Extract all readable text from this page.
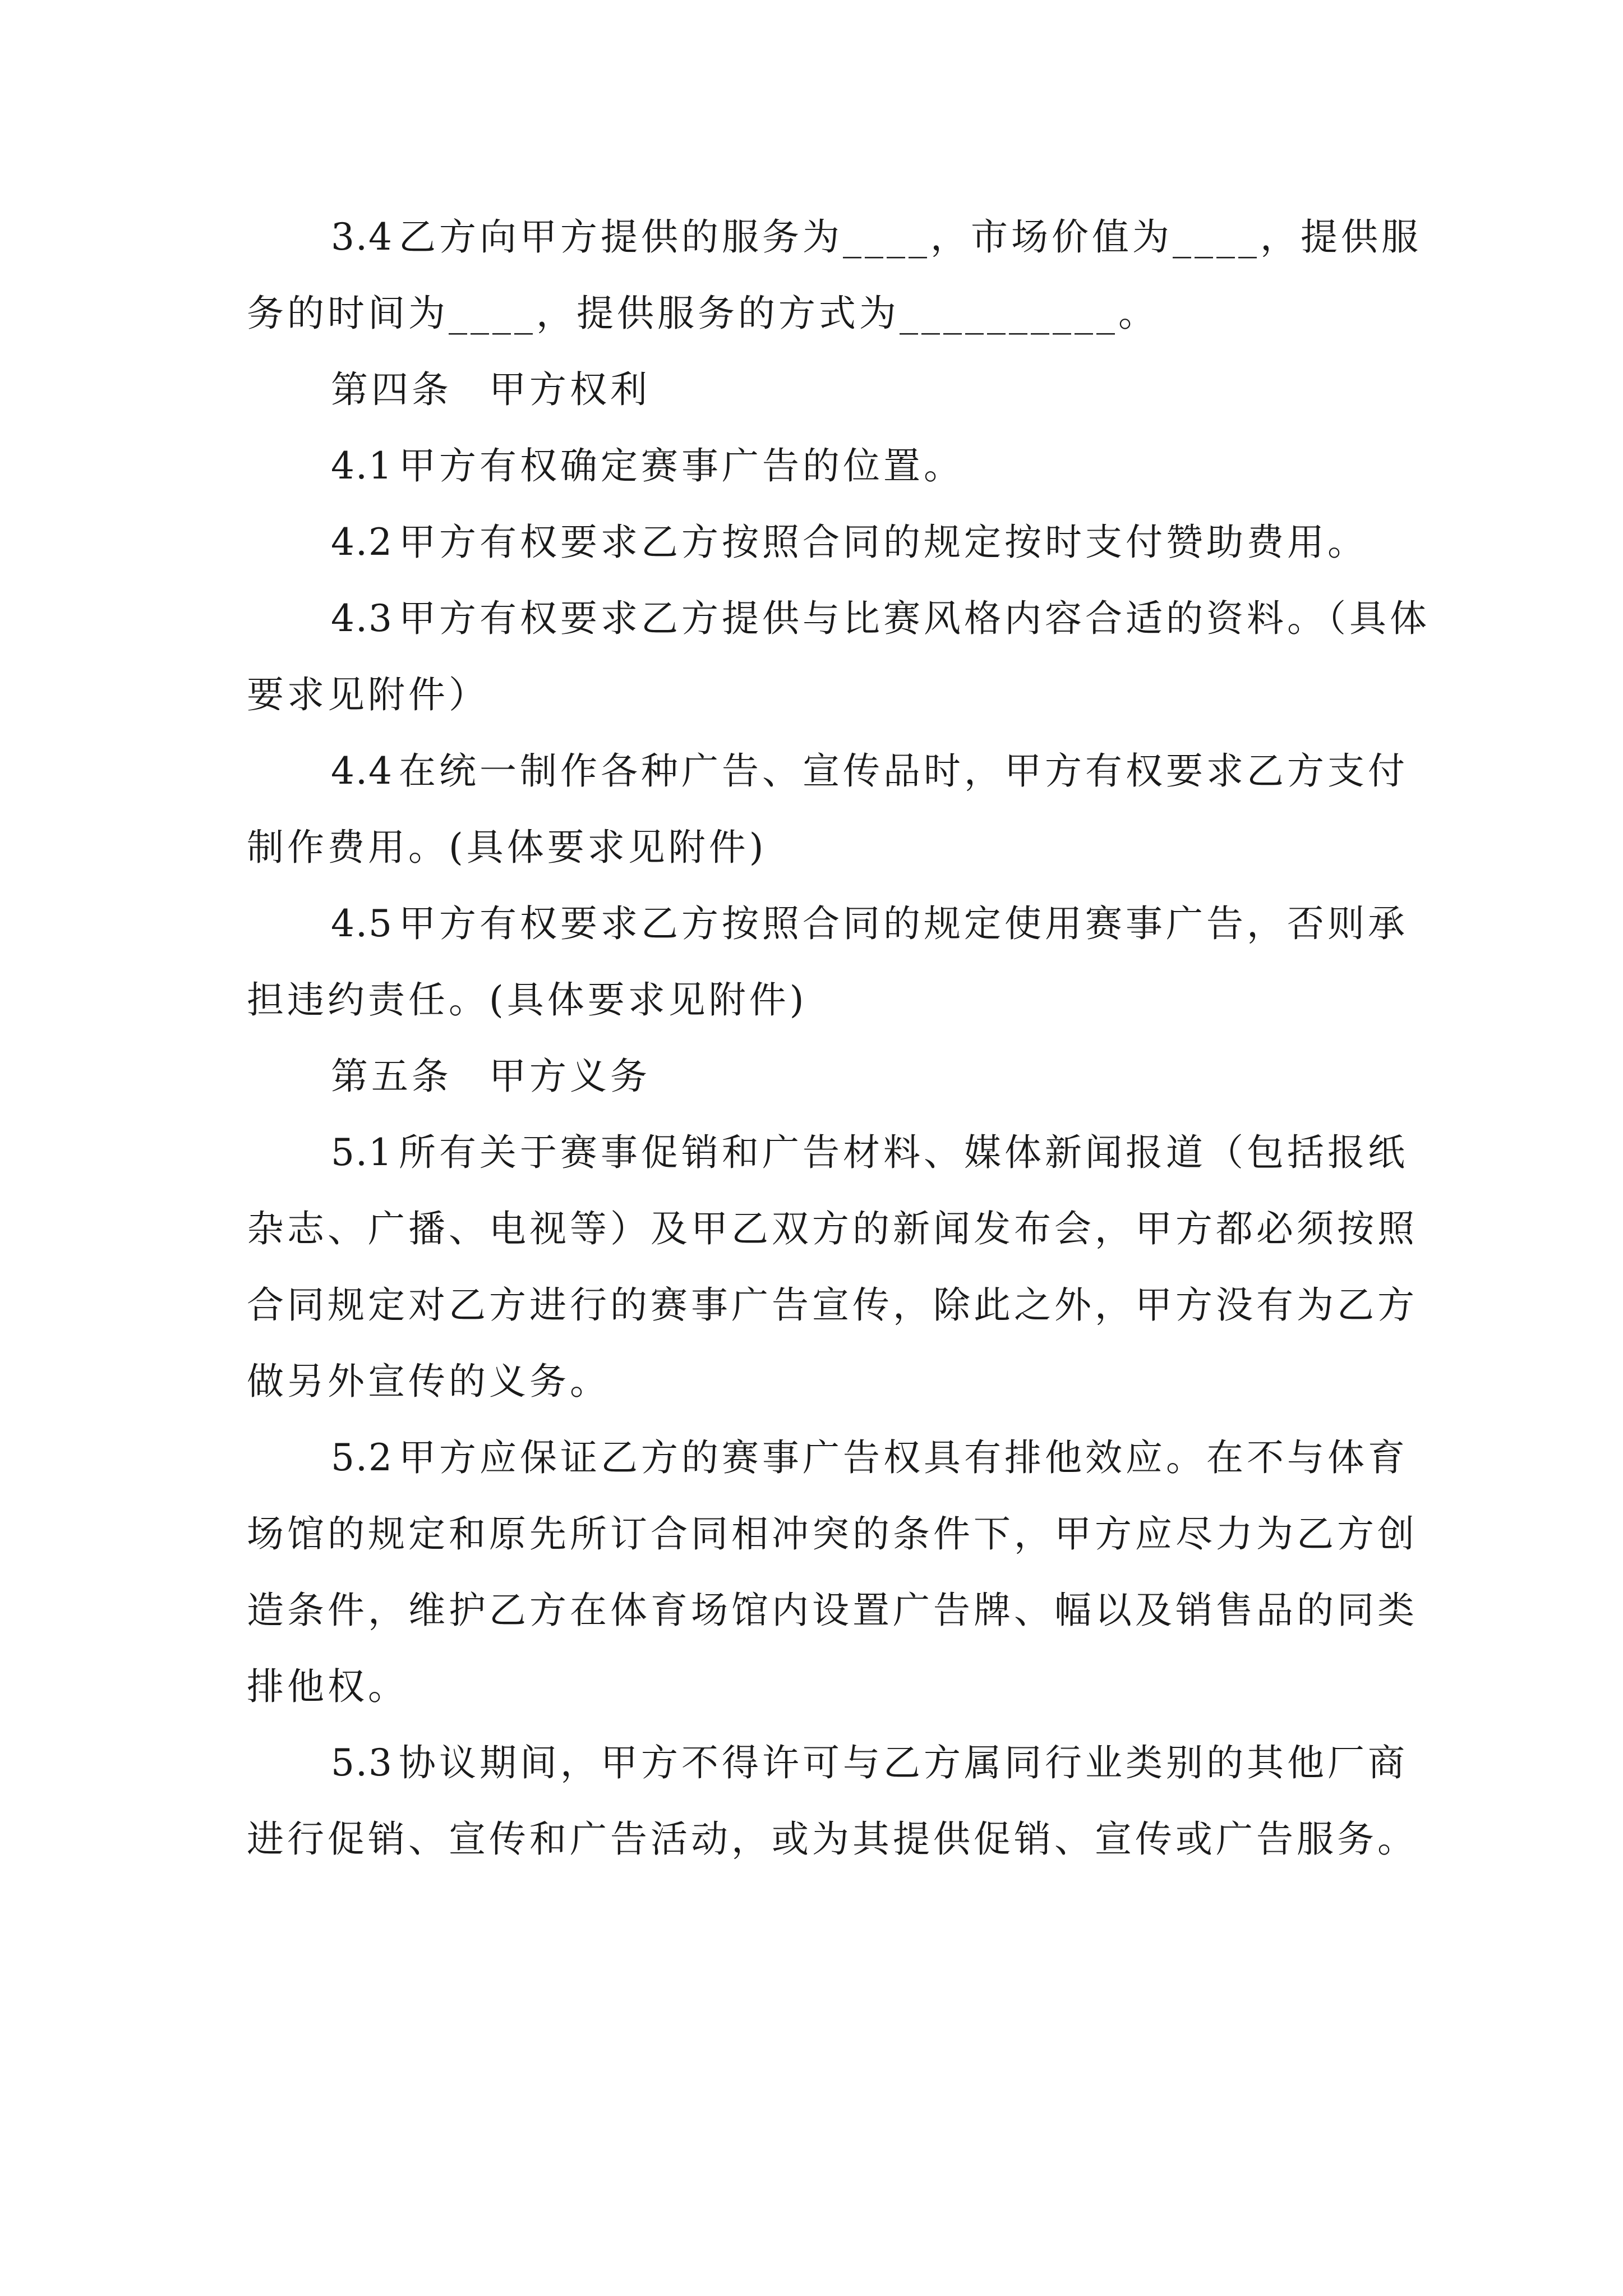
3.4 乙方向甲方提供的服务为____，市场价值为____，提供服务的时间为____，提供服务的方式为__________。

第四条 甲方权利

4.1 甲方有权确定赛事广告的位置。

4.2 甲方有权要求乙方按照合同的规定按时支付赞助费用。

4.3 甲方有权要求乙方提供与比赛风格内容合适的资料。（具体要求见附件）

4.4 在统一制作各种广告、宣传品时，甲方有权要求乙方支付制作费用。(具体要求见附件)

4.5 甲方有权要求乙方按照合同的规定使用赛事广告，否则承担违约责任。(具体要求见附件)

第五条 甲方义务

5.1 所有关于赛事促销和广告材料、媒体新闻报道（包括报纸杂志、广播、电视等）及甲乙双方的新闻发布会，甲方都必须按照合同规定对乙方进行的赛事广告宣传，除此之外，甲方没有为乙方做另外宣传的义务。

5.2 甲方应保证乙方的赛事广告权具有排他效应。在不与体育场馆的规定和原先所订合同相冲突的条件下，甲方应尽力为乙方创造条件，维护乙方在体育场馆内设置广告牌、幅以及销售品的同类排他权。

5.3 协议期间，甲方不得许可与乙方属同行业类别的其他厂商进行促销、宣传和广告活动，或为其提供促销、宣传或广告服务。
